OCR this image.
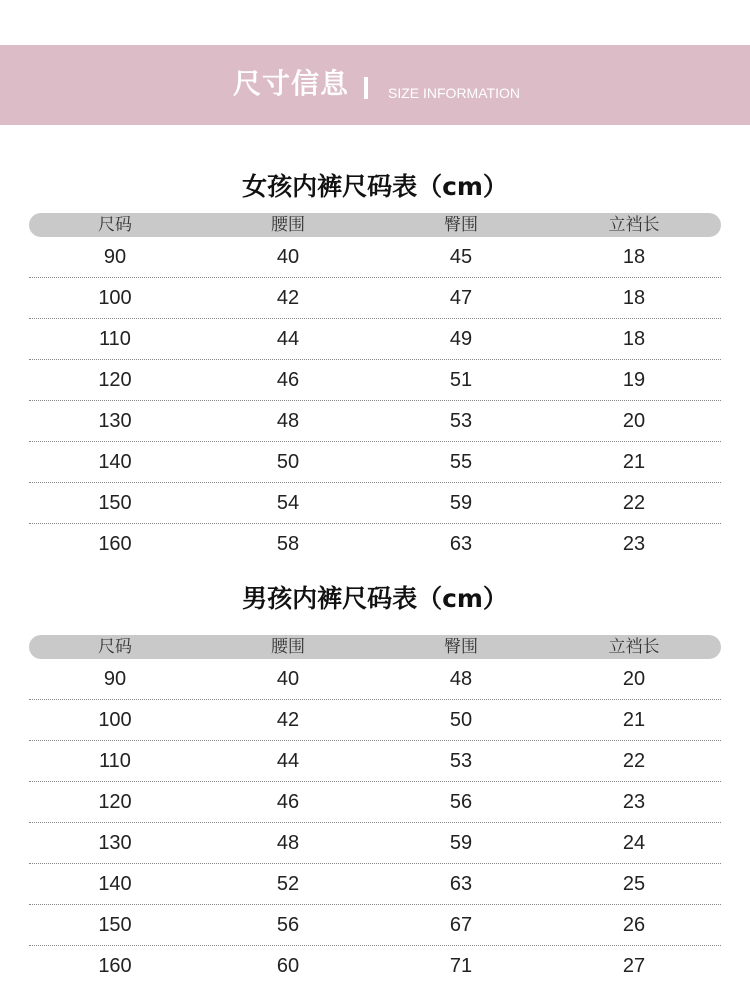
尺寸信息	SIZE INFORMATION
女孩内裤尺码表（cm）
尺码	腰围	臀围	立裆长
90	40	45	18
100	42	47	18
110	44	49	18
120	46	51	19
130	48	53	20
140	50	55	21
150	54	59	22
160	58	63	23
男孩内裤尺码表（cm）
尺码	腰围	臀围	立裆长
90	40	48	20
100	42	50	21
110	44	53	22
120	46	56	23
130	48	59	24
140	52	63	25
150	56	67	26
160	60	71	27
